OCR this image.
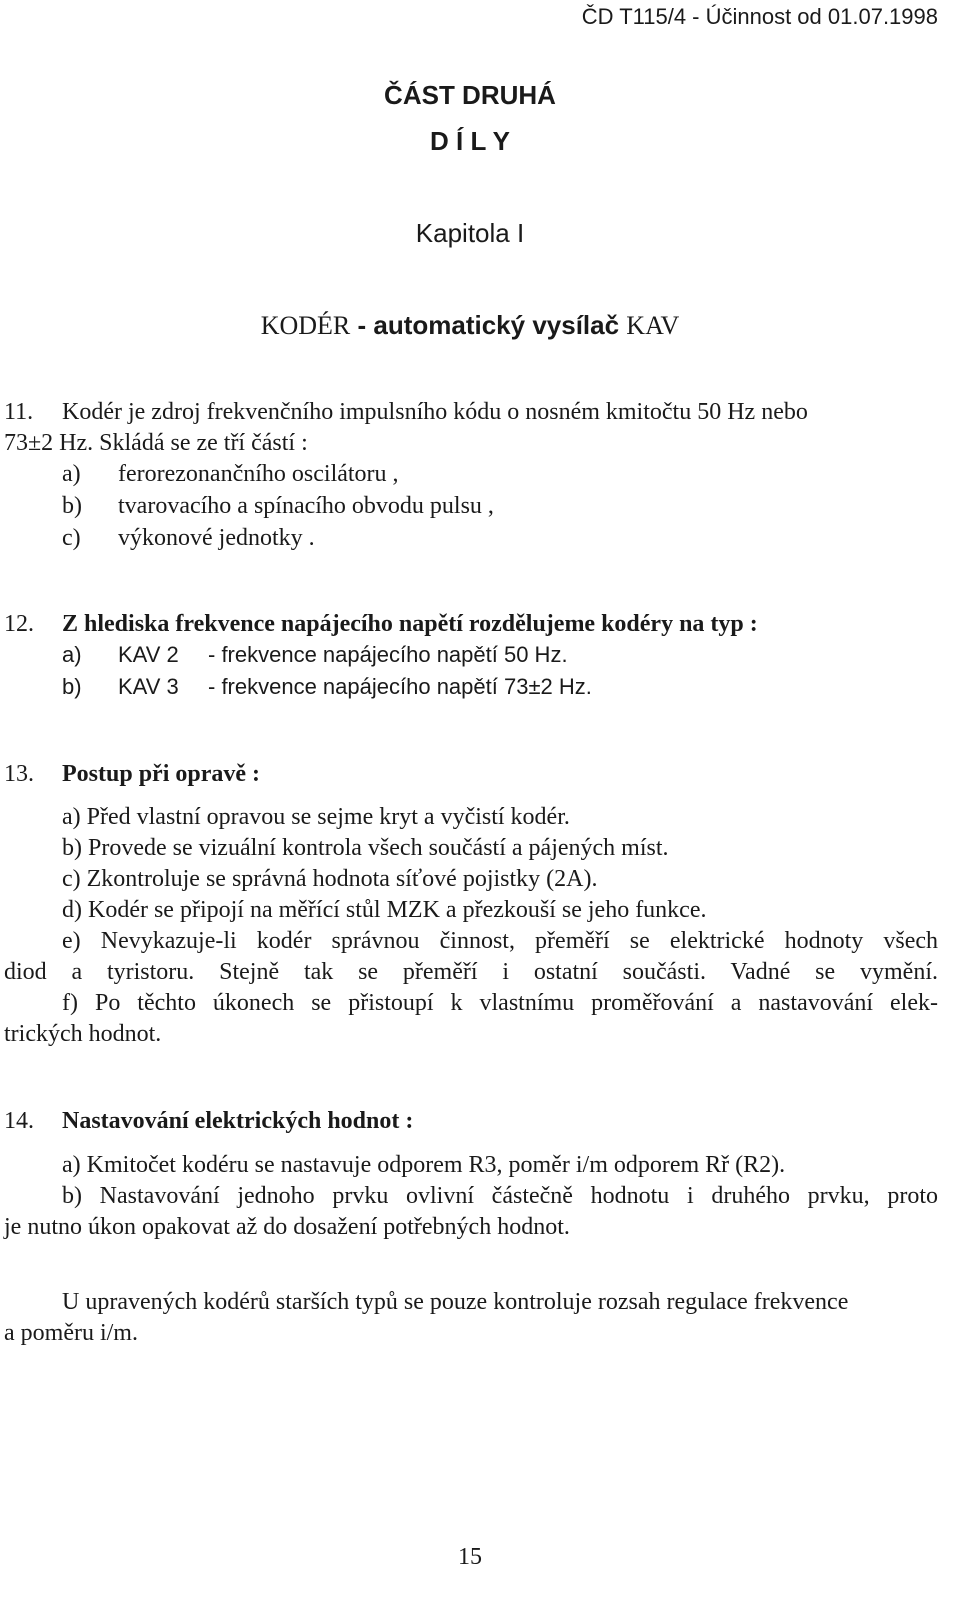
ČD T115/4 - Účinnost od 01.07.1998
ČÁST DRUHÁ
D Í L Y
Kapitola I
KODÉR - automatický vysílač KAV
11. Kodér je zdroj frekvenčního impulsního kódu o nosném kmitočtu 50 Hz nebo
73±2 Hz. Skládá se ze tří částí :
a) ferorezonančního oscilátoru ,
b) tvarovacího a spínacího obvodu pulsu ,
c) výkonové jednotky .
12. Z hlediska frekvence napájecího napětí rozdělujeme kodéry na typ :
a) KAV 2 - frekvence napájecího napětí 50 Hz.
b) KAV 3 - frekvence napájecího napětí 73±2 Hz.
13. Postup při opravě :
a) Před vlastní opravou se sejme kryt a vyčistí kodér.
b) Provede se vizuální kontrola všech součástí a pájených míst.
c) Zkontroluje se správná hodnota síťové pojistky (2A).
d) Kodér se připojí na měřící stůl MZK a přezkouší se jeho funkce.
e) Nevykazuje-li kodér správnou činnost, přeměří se elektrické hodnoty všech
diod a tyristoru. Stejně tak se přeměří i ostatní součásti. Vadné se vymění.
f) Po těchto úkonech se přistoupí k vlastnímu proměřování a nastavování elek-
trických hodnot.
14. Nastavování elektrických hodnot :
a) Kmitočet kodéru se nastavuje odporem R3, poměr i/m odporem Rř (R2).
b) Nastavování jednoho prvku ovlivní částečně hodnotu i druhého prvku, proto
je nutno úkon opakovat až do dosažení potřebných hodnot.
U upravených kodérů starších typů se pouze kontroluje rozsah regulace frekvence
a poměru i/m.
15
